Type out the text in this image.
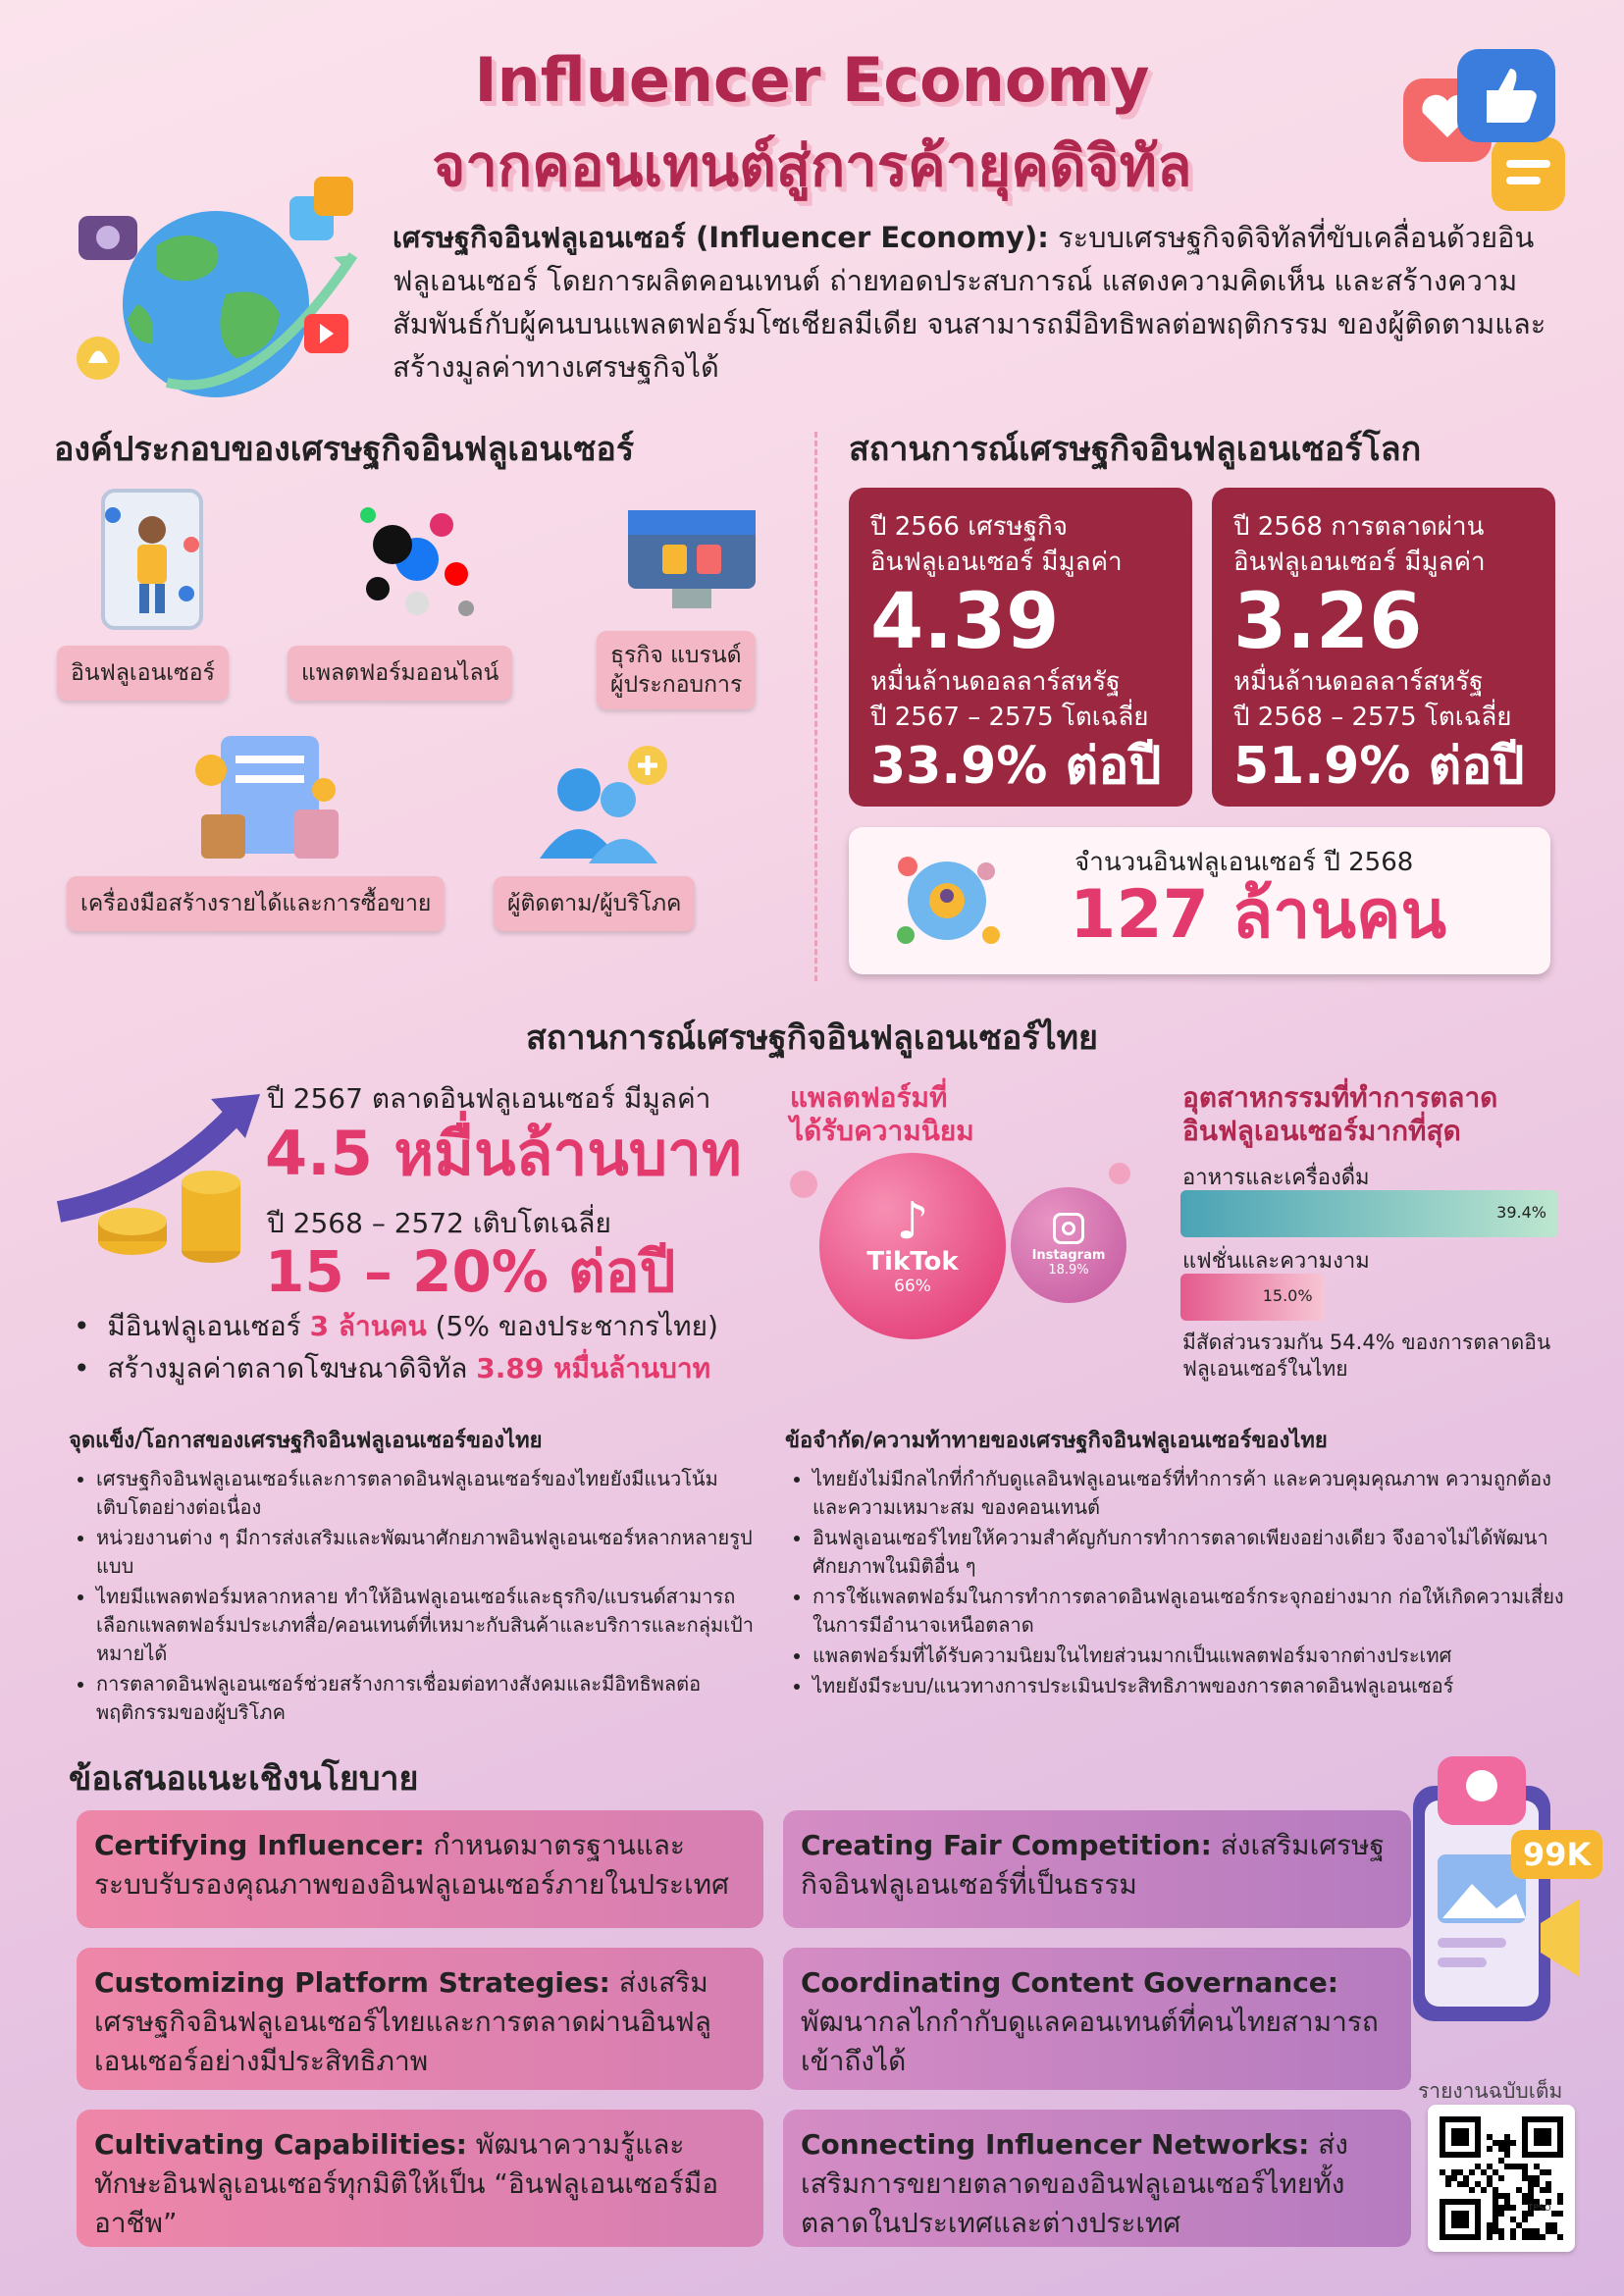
Influencer Economy
จากคอนเทนต์สู่การค้ายุคดิจิทัล
เศรษฐกิจอินฟลูเอนเซอร์ (Influencer Economy): ระบบเศรษฐกิจดิจิทัลที่ขับเคลื่อนด้วยอินฟลูเอนเซอร์ โดยการผลิตคอนเทนต์ ถ่ายทอดประสบการณ์ แสดงความคิดเห็น และสร้างความสัมพันธ์กับผู้คนบนแพลตฟอร์มโซเชียลมีเดีย จนสามารถมีอิทธิพลต่อพฤติกรรม ของผู้ติดตามและสร้างมูลค่าทางเศรษฐกิจได้
องค์ประกอบของเศรษฐกิจอินฟลูเอนเซอร์
อินฟลูเอนเซอร์	แพลตฟอร์มออนไลน์
ธุรกิจ แบรนด์
ผู้ประกอบการ
เครื่องมือสร้างรายได้และการซื้อขาย	ผู้ติดตาม/ผู้บริโภค
สถานการณ์เศรษฐกิจอินฟลูเอนเซอร์โลก
ปี 2566 เศรษฐกิจ
อินฟลูเอนเซอร์ มีมูลค่า
4.39
หมื่นล้านดอลลาร์สหรัฐ
ปี 2567 – 2575 โตเฉลี่ย
33.9% ต่อปี
ปี 2568 การตลาดผ่าน
อินฟลูเอนเซอร์ มีมูลค่า
3.26
หมื่นล้านดอลลาร์สหรัฐ
ปี 2568 – 2575 โตเฉลี่ย
51.9% ต่อปี
จำนวนอินฟลูเอนเซอร์ ปี 2568
127 ล้านคน
สถานการณ์เศรษฐกิจอินฟลูเอนเซอร์ไทย
ปี 2567 ตลาดอินฟลูเอนเซอร์ มีมูลค่า
4.5 หมื่นล้านบาท
ปี 2568 – 2572 เติบโตเฉลี่ย
15 – 20% ต่อปี
•  มีอินฟลูเอนเซอร์ 3 ล้านคน (5% ของประชากรไทย)
•  สร้างมูลค่าตลาดโฆษณาดิจิทัล 3.89 หมื่นล้านบาท
แพลตฟอร์มที่
ได้รับความนิยม
♪
TikTok
66%
Instagram
18.9%
อุตสาหกรรมที่ทำการตลาด
อินฟลูเอนเซอร์มากที่สุด
อาหารและเครื่องดื่ม
39.4%
แฟชั่นและความงาม
15.0%
มีสัดส่วนรวมกัน 54.4% ของการตลาดอินฟลูเอนเซอร์ในไทย
จุดแข็ง/โอกาสของเศรษฐกิจอินฟลูเอนเซอร์ของไทย
• เศรษฐกิจอินฟลูเอนเซอร์และการตลาดอินฟลูเอนเซอร์ของไทยยังมีแนวโน้มเติบโตอย่างต่อเนื่อง
• หน่วยงานต่าง ๆ มีการส่งเสริมและพัฒนาศักยภาพอินฟลูเอนเซอร์หลากหลายรูปแบบ
• ไทยมีแพลตฟอร์มหลากหลาย ทำให้อินฟลูเอนเซอร์และธุรกิจ/แบรนด์สามารถเลือกแพลตฟอร์มประเภทสื่อ/คอนเทนต์ที่เหมาะกับสินค้าและบริการและกลุ่มเป้าหมายได้
• การตลาดอินฟลูเอนเซอร์ช่วยสร้างการเชื่อมต่อทางสังคมและมีอิทธิพลต่อพฤติกรรมของผู้บริโภค
ข้อจำกัด/ความท้าทายของเศรษฐกิจอินฟลูเอนเซอร์ของไทย
• ไทยยังไม่มีกลไกที่กำกับดูแลอินฟลูเอนเซอร์ที่ทำการค้า และควบคุมคุณภาพ ความถูกต้อง และความเหมาะสม ของคอนเทนต์
• อินฟลูเอนเซอร์ไทยให้ความสำคัญกับการทำการตลาดเพียงอย่างเดียว จึงอาจไม่ได้พัฒนาศักยภาพในมิติอื่น ๆ
• การใช้แพลตฟอร์มในการทำการตลาดอินฟลูเอนเซอร์กระจุกอย่างมาก ก่อให้เกิดความเสี่ยงในการมีอำนาจเหนือตลาด
• แพลตฟอร์มที่ได้รับความนิยมในไทยส่วนมากเป็นแพลตฟอร์มจากต่างประเทศ
• ไทยยังมีระบบ/แนวทางการประเมินประสิทธิภาพของการตลาดอินฟลูเอนเซอร์
ข้อเสนอแนะเชิงนโยบาย
Certifying Influencer: กำหนดมาตรฐานและระบบรับรองคุณภาพของอินฟลูเอนเซอร์ภายในประเทศ
Creating Fair Competition: ส่งเสริมเศรษฐกิจอินฟลูเอนเซอร์ที่เป็นธรรม
Customizing Platform Strategies: ส่งเสริมเศรษฐกิจอินฟลูเอนเซอร์ไทยและการตลาดผ่านอินฟลูเอนเซอร์อย่างมีประสิทธิภาพ
Coordinating Content Governance: พัฒนากลไกกำกับดูแลคอนเทนต์ที่คนไทยสามารถเข้าถึงได้
Cultivating Capabilities: พัฒนาความรู้และทักษะอินฟลูเอนเซอร์ทุกมิติให้เป็น “อินฟลูเอนเซอร์มืออาชีพ”
Connecting Influencer Networks: ส่งเสริมการขยายตลาดของอินฟลูเอนเซอร์ไทยทั้งตลาดในประเทศและต่างประเทศ
99K
รายงานฉบับเต็ม
TPSO
